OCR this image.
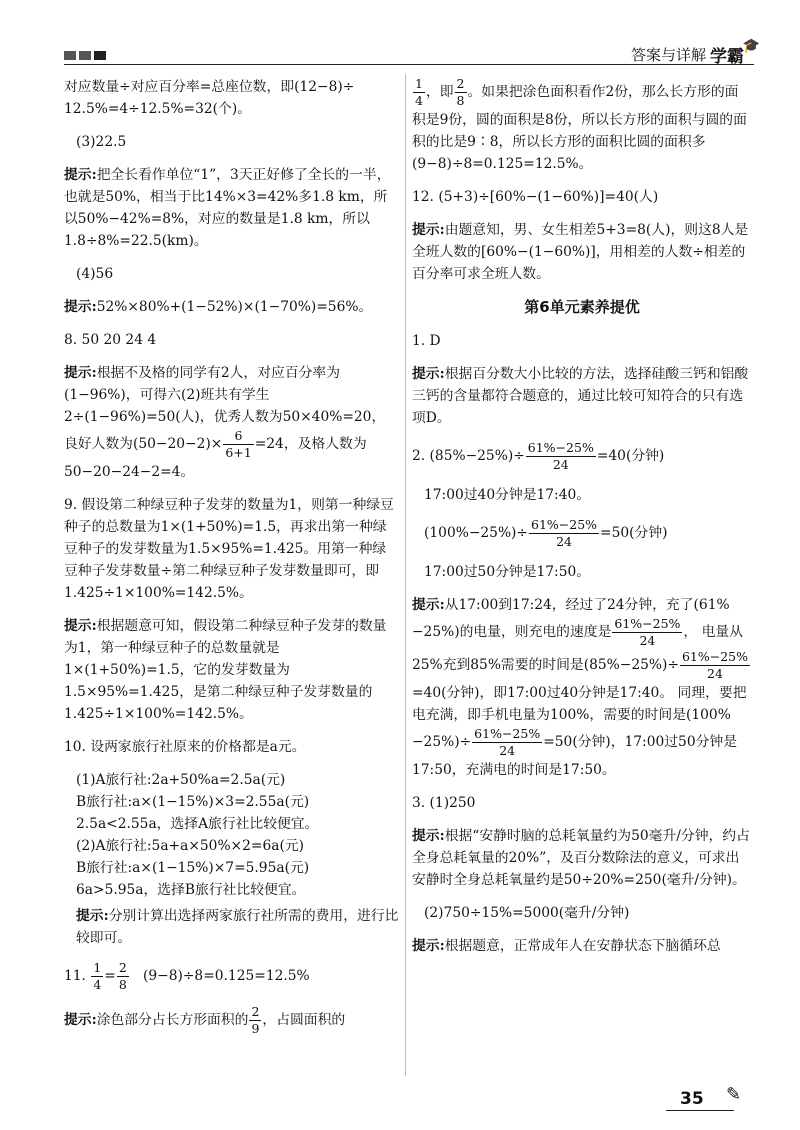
答案与详解 学霸
🎓

对应数量÷对应百分率=总座位数，即(12−8)÷
12.5%=4÷12.5%=32(个)。

(3)22.5

提示:把全长看作单位“1”，3天正好修了全长的一半，也就是50%，相当于比14%×3=42%多1.8 km，所以50%−42%=8%，对应的数量是1.8 km，所以1.8÷8%=22.5(km)。

(4)56

提示:52%×80%+(1−52%)×(1−70%)=56%。

8. 50 20 24 4

提示:根据不及格的同学有2人，对应百分率为(1−96%)，可得六(2)班共有学生2÷(1−96%)=50(人)，优秀人数为50×40%=20，良好人数为$(50-20-2)\times \frac{6}{6+1} =24$，及格人数为50−20−24−2=4。

9. 假设第二种绿豆种子发芽的数量为1，则第一种绿豆种子的总数量为1×(1+50%)=1.5，再求出第一种绿豆种子的发芽数量为1.5×95%=1.425。用第一种绿豆种子发芽数量÷第二种绿豆种子发芽数量即可，即1.425÷1×100%=142.5%。

提示:根据题意可知，假设第二种绿豆种子发芽的数量为1，第一种绿豆种子的总数量就是1×(1+50%)=1.5，它的发芽数量为1.5×95%=1.425，是第二种绿豆种子发芽数量的1.425÷1×100%=142.5%。

10. 设两家旅行社原来的价格都是a元。

(1)A旅行社:2a+50%a=2.5a(元)
B旅行社:a×(1−15%)×3=2.55a(元)
2.5a<2.55a，选择A旅行社比较便宜。
(2)A旅行社:5a+a×50%×2=6a(元)
B旅行社:a×(1−15%)×7=5.95a(元)
6a>5.95a，选择B旅行社比较便宜。

提示:分别计算出选择两家旅行社所需的费用，进行比较即可。

11. $\frac{1}{4} = \frac{2}{8} (9-8)\div 8=0.125=12.5\%$

提示:涂色部分占长方形面积的 $\frac{2}{9}$ ，占圆面积的

$\frac{1}{4}$ ，即 $\frac{2}{8}$ 。如果把涂色面积看作2份，那么长方形的面积是9份，圆的面积是8份，所以长方形的面积与圆的面积的比是9∶8，所以长方形的面积比圆的面积多(9−8)÷8=0.125=12.5%。

12. (5+3)÷[60%−(1−60%)]=40(人)

提示:由题意知，男、女生相差5+3=8(人)，则这8人是全班人数的[60%−(1−60%)]，用相差的人数÷相差的百分率可求全班人数。

第6单元素养提优

1. D

提示:根据百分数大小比较的方法，选择硅酸三钙和铝酸三钙的含量都符合题意的，通过比较可知符合的只有选项D。

2. $(85\%-25\%)\div \frac{61\%-25\%}{24} =40$(分钟)

17:00过40分钟是17:40。

$(100\%-25\%)\div \frac{61\%-25\%}{24} =50$(分钟)

17:00过50分钟是17:50。

提示:从17:00到17:24，经过了24分钟，充了(61%−25%)的电量，则充电的速度是 $\frac{61\%-25\%}{24}$ ， 电量从25%充到85%需要的时间是$(85\%-25\%)\div \frac{61\%-25\%}{24}$
=40(分钟)，即17:00过40分钟是17:40。 同理，要把电充满，即手机电量为100%，需要的时间是$(100\%-25\%)\div \frac{61\%-25\%}{24} =50$(分钟)，17:00过50分钟是17:50，充满电的时间是17:50。

3. (1)250

提示:根据“安静时脑的总耗氧量约为50毫升/分钟，约占全身总耗氧量的20%”，及百分数除法的意义，可求出安静时全身总耗氧量约是50÷20%=250(毫升/分钟)。

(2)750÷15%=5000(毫升/分钟)

提示:根据题意，正常成年人在安静状态下脑循环总

35 ✎
